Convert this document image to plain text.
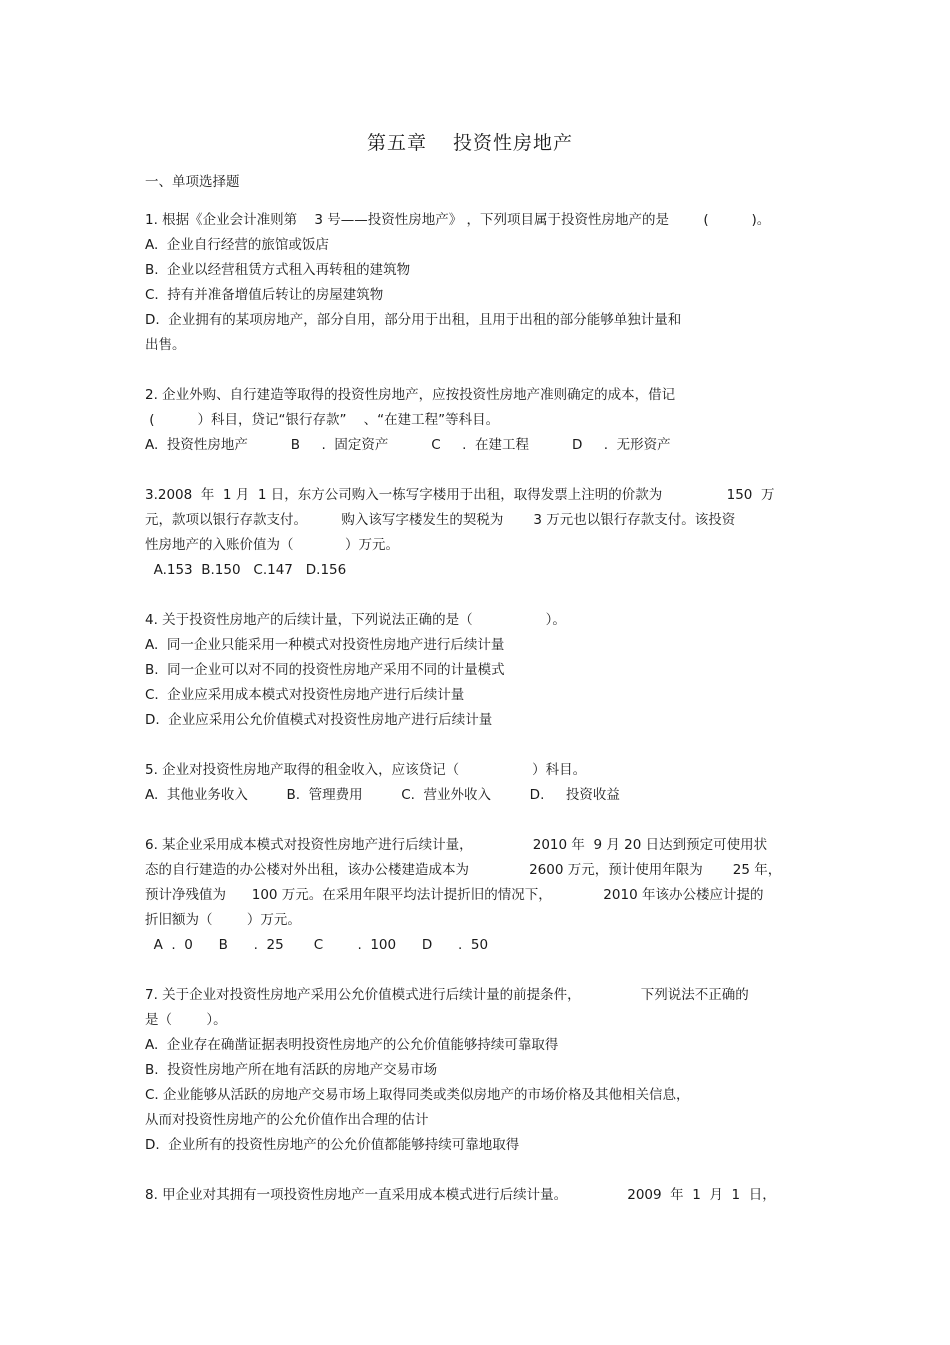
第五章 投资性房地产
一、单项选择题
1. 根据《企业会计准则第    3 号——投资性房地产》 ，下列项目属于投资性房地产的是        (          )。
A.  企业自行经营的旅馆或饭店
B.  企业以经营租赁方式租入再转租的建筑物
C.  持有并准备增值后转让的房屋建筑物
D.  企业拥有的某项房地产，部分自用，部分用于出租，且用于出租的部分能够单独计量和
出售。
2. 企业外购、自行建造等取得的投资性房地产，应按投资性房地产准则确定的成本，借记
(          ）科目，贷记“银行存款”    、“在建工程”等科目。
A.  投资性房地产          B     .  固定资产          C     .  在建工程          D     .  无形资产
3.2008  年  1 月  1 日，东方公司购入一栋写字楼用于出租，取得发票上注明的价款为               150  万
元，款项以银行存款支付。        购入该写字楼发生的契税为       3 万元也以银行存款支付。该投资
性房地产的入账价值为（            ）万元。
A.153  B.150   C.147   D.156
4. 关于投资性房地产的后续计量，下列说法正确的是（                 ）。
A.  同一企业只能采用一种模式对投资性房地产进行后续计量
B.  同一企业可以对不同的投资性房地产采用不同的计量模式
C.  企业应采用成本模式对投资性房地产进行后续计量
D.  企业应采用公允价值模式对投资性房地产进行后续计量
5. 企业对投资性房地产取得的租金收入，应该贷记（                 ）科目。
A.  其他业务收入         B.  管理费用         C.  营业外收入         D.     投资收益
6. 某企业采用成本模式对投资性房地产进行后续计量，              2010 年  9 月 20 日达到预定可使用状
态的自行建造的办公楼对外出租，该办公楼建造成本为              2600 万元，预计使用年限为       25 年，
预计净残值为      100 万元。在采用年限平均法计提折旧的情况下，            2010 年该办公楼应计提的
折旧额为（        ）万元。
A  .  0      B      .  25       C        .  100      D      .  50
7. 关于企业对投资性房地产采用公允价值模式进行后续计量的前提条件，              下列说法不正确的
是（        ）。
A.  企业存在确凿证据表明投资性房地产的公允价值能够持续可靠取得
B.  投资性房地产所在地有活跃的房地产交易市场
C. 企业能够从活跃的房地产交易市场上取得同类或类似房地产的市场价格及其他相关信息，
从而对投资性房地产的公允价值作出合理的估计
D.  企业所有的投资性房地产的公允价值都能够持续可靠地取得
8. 甲企业对其拥有一项投资性房地产一直采用成本模式进行后续计量。              2009  年  1  月  1  日，
